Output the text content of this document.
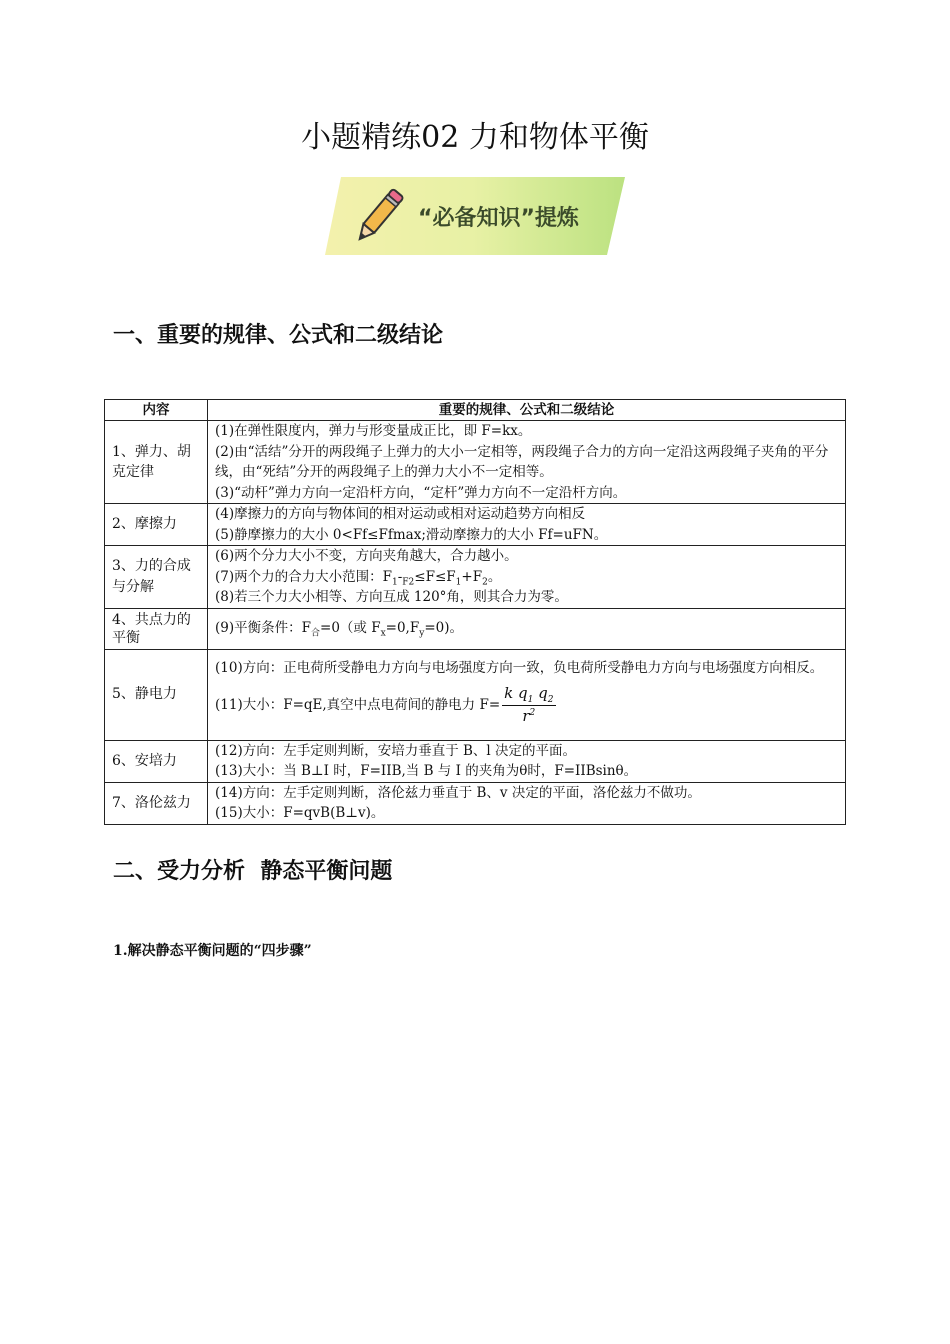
小题精练02 力和物体平衡
“必备知识”提炼
一、重要的规律、公式和二级结论
内容	重要的规律、公式和二级结论
1、弹力、胡克定律	(1)在弹性限度内，弹力与形变量成正比，即 F=kx。
(2)由“活结”分开的两段绳子上弹力的大小一定相等，两段绳子合力的方向一定沿这两段绳子夹角的平分线，由“死结”分开的两段绳子上的弹力大小不一定相等。
(3)“动杆”弹力方向一定沿杆方向，“定杆”弹力方向不一定沿杆方向。

2、摩擦力	(4)摩擦力的方向与物体间的相对运动或相对运动趋势方向相反
(5)静摩擦力的大小 0<Ff≤Ffmax;滑动摩擦力的大小 Ff=uFN。

3、力的合成与分解	(6)两个分力大小不变，方向夹角越大，合力越小。
(7)两个力的合力大小范围：$F_1-_{F2}\le F\le F_1+F_2$。
(8)若三个力大小相等、方向互成 120°角，则其合力为零。

4、共点力的平衡	(9)平衡条件：$F_合=0$（或 $F_x=0,F_y=0$)。

5、静电力	(10)方向：正电荷所受静电力方向与电场强度方向一致，负电荷所受静电力方向与电场强度方向相反。
(11)大小：F=qE,真空中点电荷间的静电力 $F= \frac{k q_1 q_2}{r^2}$

6、安培力	(12)方向：左手定则判断，安培力垂直于 B、l 决定的平面。
(13)大小：当 B⊥I 时，F=IIB,当 B 与 I 的夹角为θ时，F=IIBsinθ。

7、洛伦兹力	(14)方向：左手定则判断，洛伦兹力垂直于 B、v 决定的平面，洛伦兹力不做功。
(15)大小：F=qvB(B⊥v)。
二、受力分析  静态平衡问题
1.解决静态平衡问题的“四步骤”
